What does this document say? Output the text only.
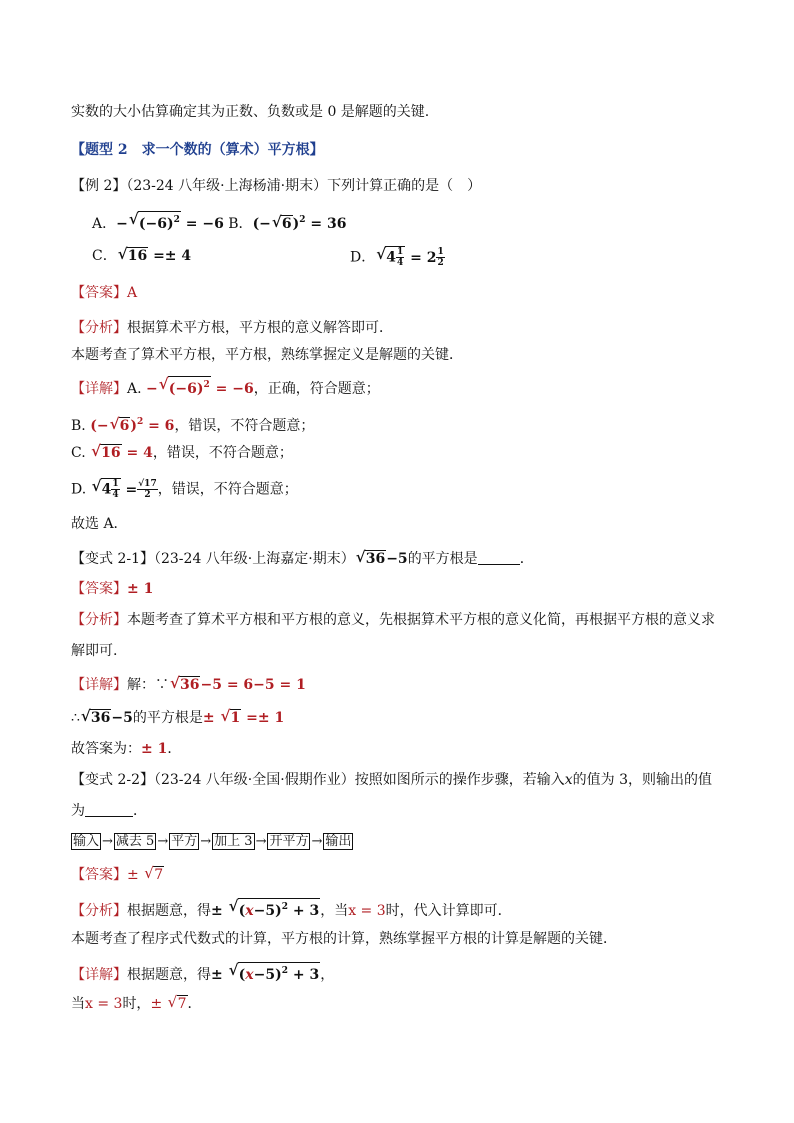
实数的大小估算确定其为正数、负数或是 0 是解题的关键.
【题型 2　求一个数的（算术）平方根】
【例 2】（23-24 八年级·上海杨浦·期末）下列计算正确的是（　）
A．− √ $(-6)^2 = -6$ B．(− √ 6)$^2$ = 36
C． √ 16 =± 4	D． √ $4 \frac{1}{4} = 2 \frac{1}{2}$
【答案】A
【分析】根据算术平方根，平方根的意义解答即可．
本题考查了算术平方根，平方根，熟练掌握定义是解题的关键．
【详解】A. − √ $(-6)^2 = -6$，正确，符合题意；
B. (− √ 6)$^2$ = 6，错误，不符合题意；
C. √ 16 = 4，错误，不符合题意；
D. √ $4 \frac{1}{4} = \frac{√17}{2}$ ，错误，不符合题意；
故选 A．
【变式 2-1】（23-24 八年级·上海嘉定·期末） √ 36−5的平方根是	．
【答案】± 1
【分析】本题考查了算术平方根和平方根的意义，先根据算术平方根的意义化简，再根据平方根的意义求
解即可.
【详解】解：∵ √ 36−5 = 6−5 = 1
∴ √ 36−5的平方根是± √ 1 =± 1
故答案为：± 1．
【变式 2-2】（23-24 八年级·全国·假期作业）按照如图所示的操作步骤，若输入x的值为 3，则输出的值
为	．
输入 → 减去 5 → 平方 → 加上 3 → 开平方 → 输出
【答案】± √ 7
【分析】根据题意，得± √ $(x-5)^2 + 3$，当x = 3时，代入计算即可．
本题考查了程序式代数式的计算，平方根的计算，熟练掌握平方根的计算是解题的关键．
【详解】根据题意，得± √ $(x-5)^2 + 3$，
当x = 3时，± √ 7．
